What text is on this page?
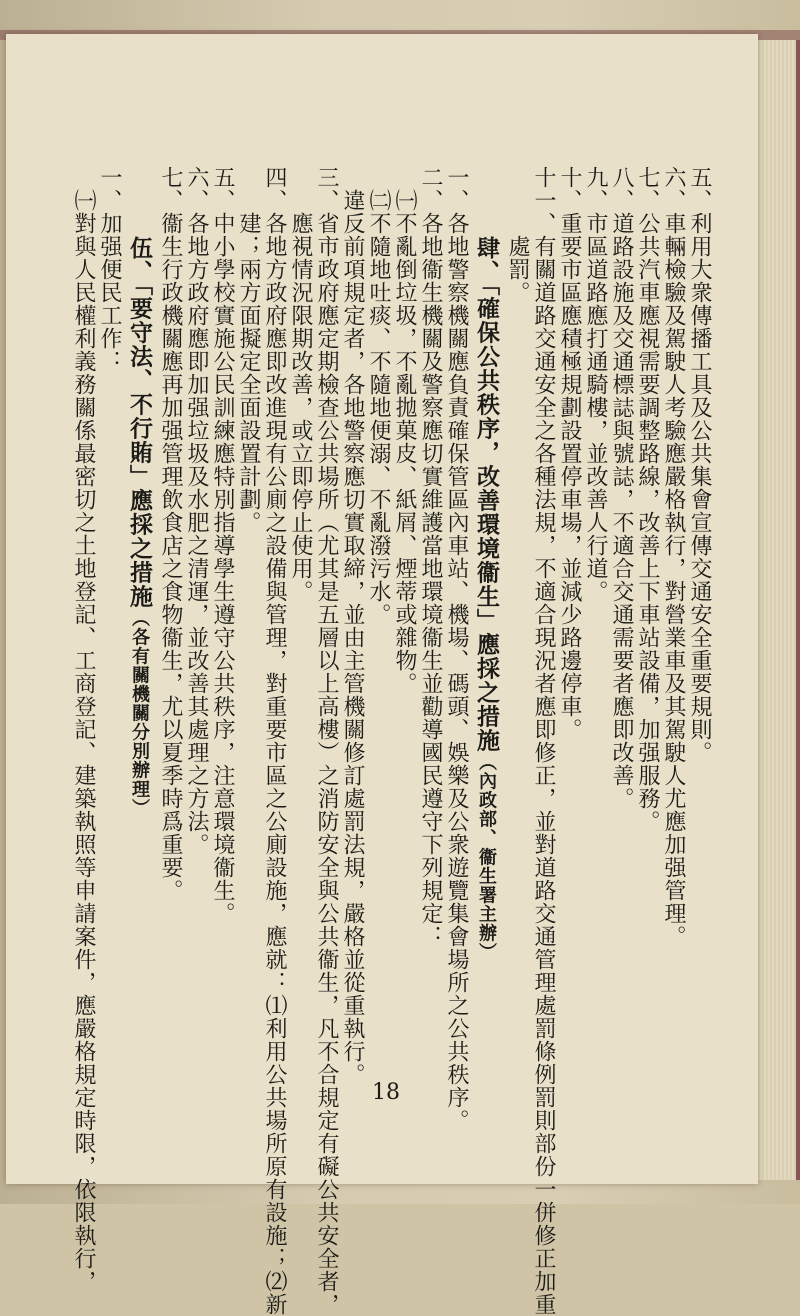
五、利用大衆傳播工具及公共集會宣傳交通安全重要規則。
六、車輛檢驗及駕駛人考驗應嚴格執行，對營業車及其駕駛人尤應加强管理。
七、公共汽車應視需要調整路線，改善上下車站設備，加强服務。
八、道路設施及交通標誌與號誌，不適合交通需要者應即改善。
九、市區道路應打通騎樓，並改善人行道。
十、重要市區應積極規劃設置停車場，並減少路邊停車。
十一、有關道路交通安全之各種法規，不適合現況者應即修正，並對道路交通管理處罰條例罰則部份一併修正加重
　　　處罰。
肆、「確保公共秩序，改善環境衞生」應採之措施（內政部、衞生署主辦）
一、各地警察機關應負責確保管區內車站、機場、碼頭、娛樂及公衆遊覽集會場所之公共秩序。
二、各地衞生機關及警察應切實維護當地環境衞生並勸導國民遵守下列規定：
　㈠不亂倒垃圾，不亂拋菓皮、紙屑、煙蒂或雜物。
　㈡不隨地吐痰、不隨地便溺、不亂潑污水。
　違反前項規定者，各地警察應切實取締，並由主管機關修訂處罰法規，嚴格並從重執行。
三、省市政府應定期檢查公共場所（尤其是五層以上高樓）之消防安全與公共衞生，凡不合規定有礙公共安全者，
　　應視情況限期改善，或立即停止使用。
四、各地方政府應即改進現有公廁之設備與管理，對重要市區之公廁設施，應就：⑴利用公共場所原有設施；⑵新
　　建；兩方面擬定全面設置計劃。
五、中小學校實施公民訓練應特別指導學生遵守公共秩序，注意環境衞生。
六、各地方政府應即加强垃圾及水肥之清運，並改善其處理之方法。
七、衞生行政機關應再加强管理飲食店之食物衞生，尤以夏季時爲重要。
伍、「要守法、不行賄」應採之措施（各有關機關分別辦理）
一、加强便民工作：
　㈠對與人民權利義務關係最密切之土地登記、工商登記、建築執照等申請案件，應嚴格規定時限，依限執行，	18
